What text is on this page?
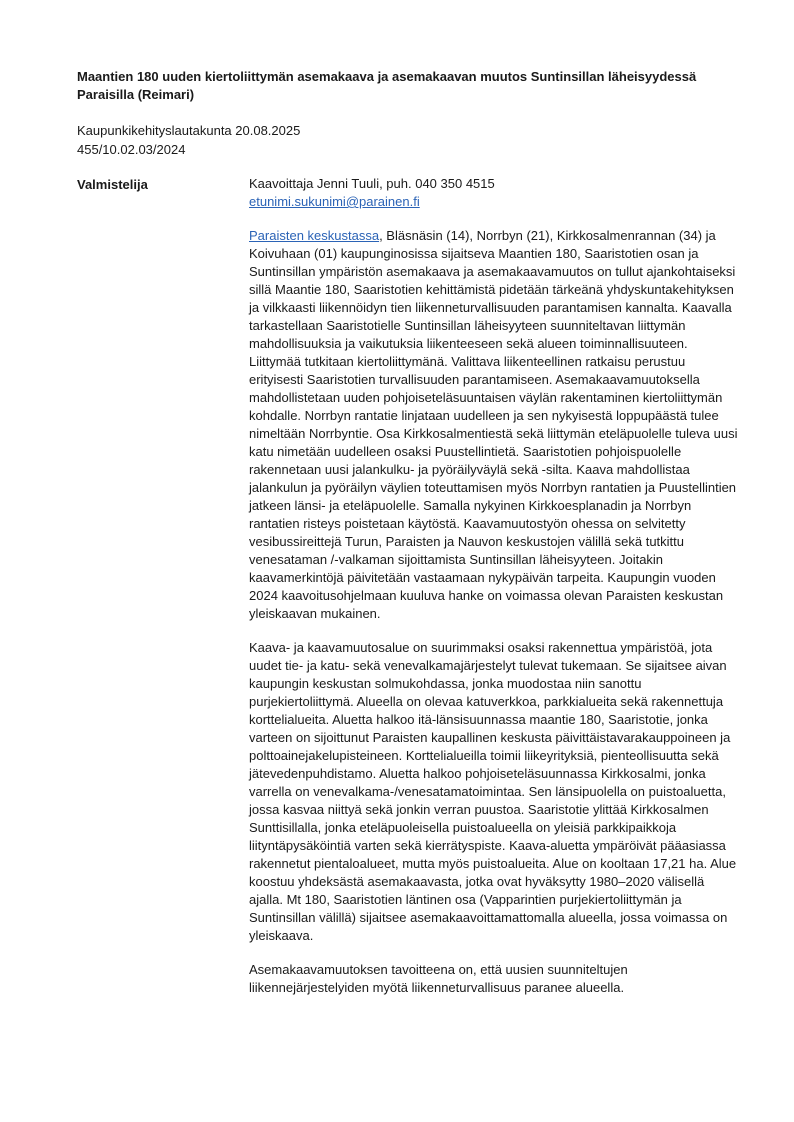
Maantien 180 uuden kiertoliittymän asemakaava ja asemakaavan muutos Suntinsillan läheisyydessä Paraisilla (Reimari)
Kaupunkikehityslautakunta 20.08.2025
455/10.02.03/2024
Valmistelija	Kaavoittaja Jenni Tuuli, puh. 040 350 4515
etunimi.sukunimi@parainen.fi

Paraisten keskustassa, Bläsnäsin (14), Norrbyn (21), Kirkkosalmenrannan (34) ja Koivuhaan (01) kaupunginosissa sijaitseva Maantien 180, Saaristotien osan ja Suntinsillan ympäristön asemakaava ja asemakaavamuutos on tullut ajankohtaiseksi sillä Maantie 180, Saaristotien kehittämistä pidetään tärkeänä yhdyskuntakehityksen ja vilkkaasti liikennöidyn tien liikenneturvallisuuden parantamisen kannalta. Kaavalla tarkastellaan Saaristotielle Suntinsillan läheisyyteen suunniteltavan liittymän mahdollisuuksia ja vaikutuksia liikenteeseen sekä alueen toiminnallisuuteen. Liittymää tutkitaan kiertoliittymänä. Valittava liikenteellinen ratkaisu perustuu erityisesti Saaristotien turvallisuuden parantamiseen. Asemakaavamuutoksella mahdollistetaan uuden pohjoiseteläsuuntaisen väylän rakentaminen kiertoliittymän kohdalle. Norrbyn rantatie linjataan uudelleen ja sen nykyisestä loppupäästä tulee nimeltään Norrbyntie. Osa Kirkkosalmentiestä sekä liittymän eteläpuolelle tuleva uusi katu nimetään uudelleen osaksi Puustellintietä. Saaristotien pohjoispuolelle rakennetaan uusi jalankulku- ja pyöräilyväylä sekä -silta. Kaava mahdollistaa jalankulun ja pyöräilyn väylien toteuttamisen myös Norrbyn rantatien ja Puustellintien jatkeen länsi- ja eteläpuolelle. Samalla nykyinen Kirkkoesplanadin ja Norrbyn rantatien risteys poistetaan käytöstä. Kaavamuutostyön ohessa on selvitetty vesibussireittejä Turun, Paraisten ja Nauvon keskustojen välillä sekä tutkittu venesataman /-valkaman sijoittamista Suntinsillan läheisyyteen. Joitakin kaavamerkintöjä päivitetään vastaamaan nykypäivän tarpeita. Kaupungin vuoden 2024 kaavoitusohjelmaan kuuluva hanke on voimassa olevan Paraisten keskustan yleiskaavan mukainen.

Kaava- ja kaavamuutosalue on suurimmaksi osaksi rakennettua ympäristöä, jota uudet tie- ja katu- sekä venevalkamajärjestelyt tulevat tukemaan. Se sijaitsee aivan kaupungin keskustan solmukohdassa, jonka muodostaa niin sanottu purjekiertoliittymä. Alueella on olevaa katuverkkoa, parkkialueita sekä rakennettuja korttelialueita. Aluetta halkoo itä-länsisuunnassa maantie 180, Saaristotie, jonka varteen on sijoittunut Paraisten kaupallinen keskusta päivittäistavarakauppoineen ja polttoainejakelupisteineen. Korttelialueilla toimii liikeyrityksiä, pienteollisuutta sekä jätevedenpuhdistamo. Aluetta halkoo pohjoiseteläsuunnassa Kirkkosalmi, jonka varrella on venevalkama-/venesatamatoimintaa. Sen länsipuolella on puistoaluetta, jossa kasvaa niittyä sekä jonkin verran puustoa. Saaristotie ylittää Kirkkosalmen Sunttisillalla, jonka eteläpuoleisella puistoalueella on yleisiä parkkipaikkoja liityntäpysäköintiä varten sekä kierrätyspiste. Kaava-aluetta ympäröivät pääasiassa rakennetut pientaloalueet, mutta myös puistoalueita. Alue on kooltaan 17,21 ha. Alue koostuu yhdeksästä asemakaavasta, jotka ovat hyväksytty 1980–2020 välisellä ajalla. Mt 180, Saaristotien läntinen osa (Vapparintien purjekiertoliittymän ja Suntinsillan välillä) sijaitsee asemakaavoittamattomalla alueella, jossa voimassa on yleiskaava.

Asemakaavamuutoksen tavoitteena on, että uusien suunniteltujen liikennejärjestelyiden myötä liikenneturvallisuus paranee alueella.
